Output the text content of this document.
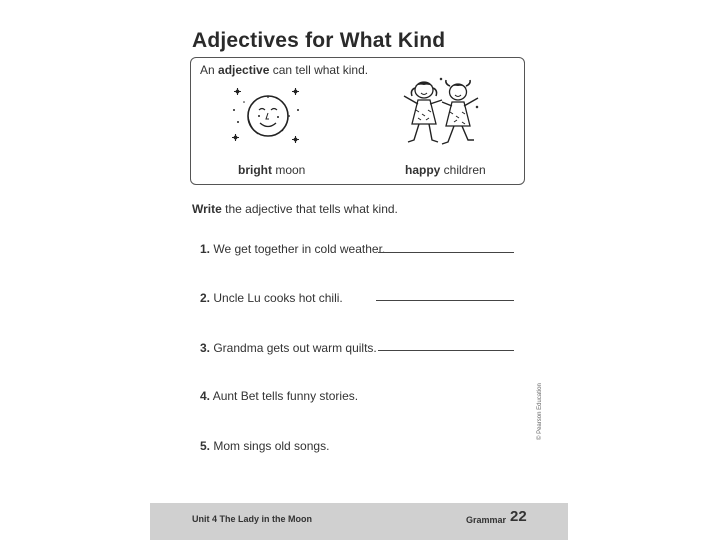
Adjectives for What Kind
An adjective can tell what kind.
bright moon	happy children
Write the adjective that tells what kind.
1. We get together in cold weather.
2. Uncle Lu cooks hot chili.
3. Grandma gets out warm quilts.
4. Aunt Bet tells funny stories.
5. Mom sings old songs.
© Pearson Education
Unit 4 The Lady in the Moon	Grammar 22
